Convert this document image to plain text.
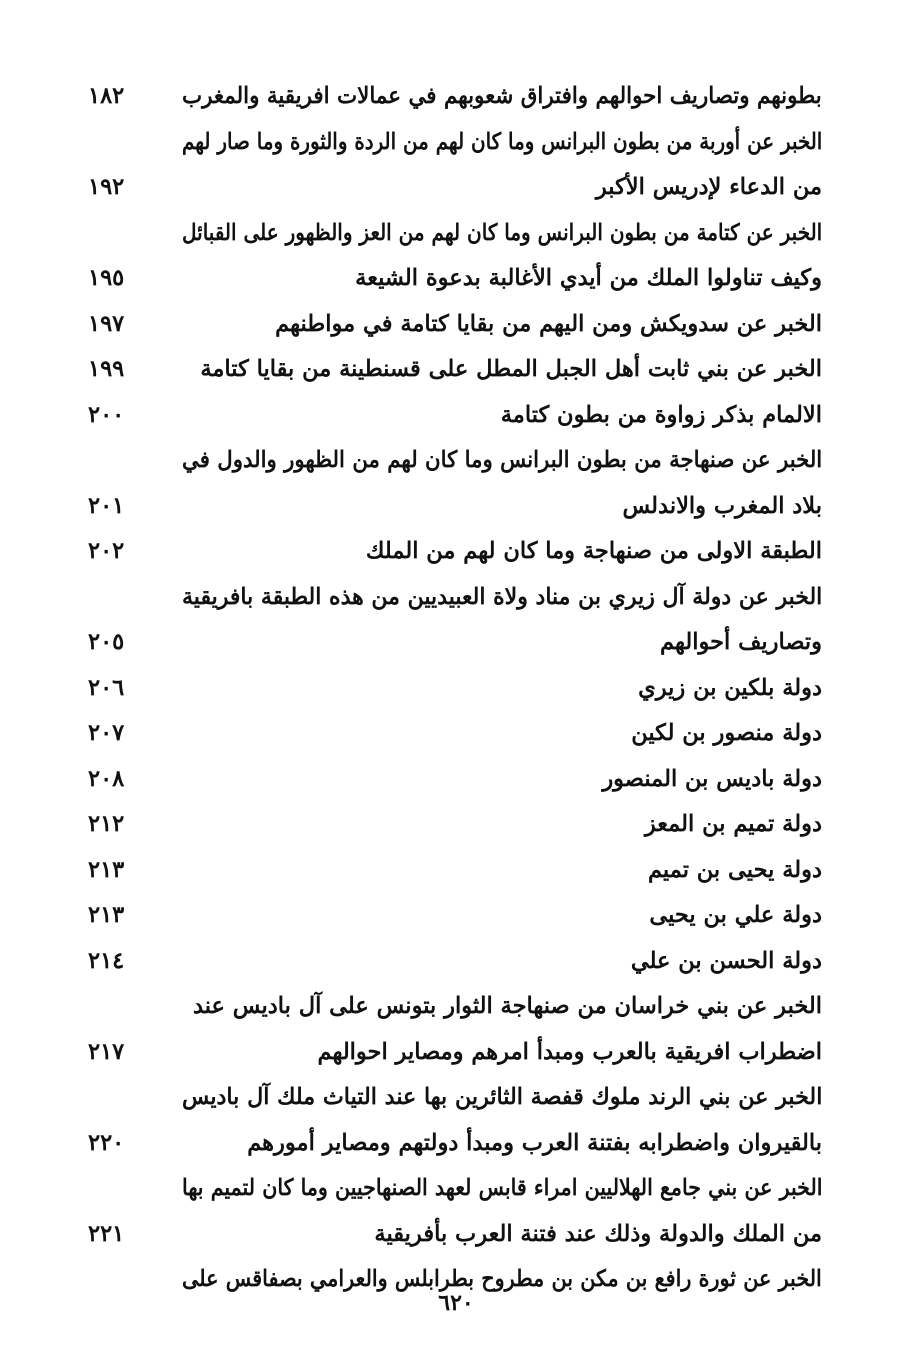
بطونهم وتصاريف احوالهم وافتراق شعوبهم في عمالات افريقية والمغرب
١٨٢
الخبر عن أوربة من بطون البرانس وما كان لهم من الردة والثورة وما صار لهم
من الدعاء لإدريس الأكبر
١٩٢
الخبر عن كتامة من بطون البرانس وما كان لهم من العز والظهور على القبائل
وكيف تناولوا الملك من أيدي الأغالبة بدعوة الشيعة
١٩٥
الخبر عن سدويكش ومن اليهم من بقايا كتامة في مواطنهم
١٩٧
الخبر عن بني ثابت أهل الجبل المطل على قسنطينة من بقايا كتامة
١٩٩
الالمام بذكر زواوة من بطون كتامة
٢٠٠
الخبر عن صنهاجة من بطون البرانس وما كان لهم من الظهور والدول في
بلاد المغرب والاندلس
٢٠١
الطبقة الاولى من صنهاجة وما كان لهم من الملك
٢٠٢
الخبر عن دولة آل زيري بن مناد ولاة العبيديين من هذه الطبقة بافريقية
وتصاريف أحوالهم
٢٠٥
دولة بلكين بن زيري
٢٠٦
دولة منصور بن لكين
٢٠٧
دولة باديس بن المنصور
٢٠٨
دولة تميم بن المعز
٢١٢
دولة يحيى بن تميم
٢١٣
دولة علي بن يحيى
٢١٣
دولة الحسن بن علي
٢١٤
الخبر عن بني خراسان من صنهاجة الثوار بتونس على آل باديس عند
اضطراب افريقية بالعرب ومبدأ امرهم ومصاير احوالهم
٢١٧
الخبر عن بني الرند ملوك قفصة الثائرين بها عند التياث ملك آل باديس
بالقيروان واضطرابه بفتنة العرب ومبدأ دولتهم ومصاير أمورهم
٢٢٠
الخبر عن بني جامع الهلاليين امراء قابس لعهد الصنهاجيين وما كان لتميم بها
من الملك والدولة وذلك عند فتنة العرب بأفريقية
٢٢١
الخبر عن ثورة رافع بن مكن بن مطروح بطرابلس والعرامي بصفاقس على
٦٢٠
